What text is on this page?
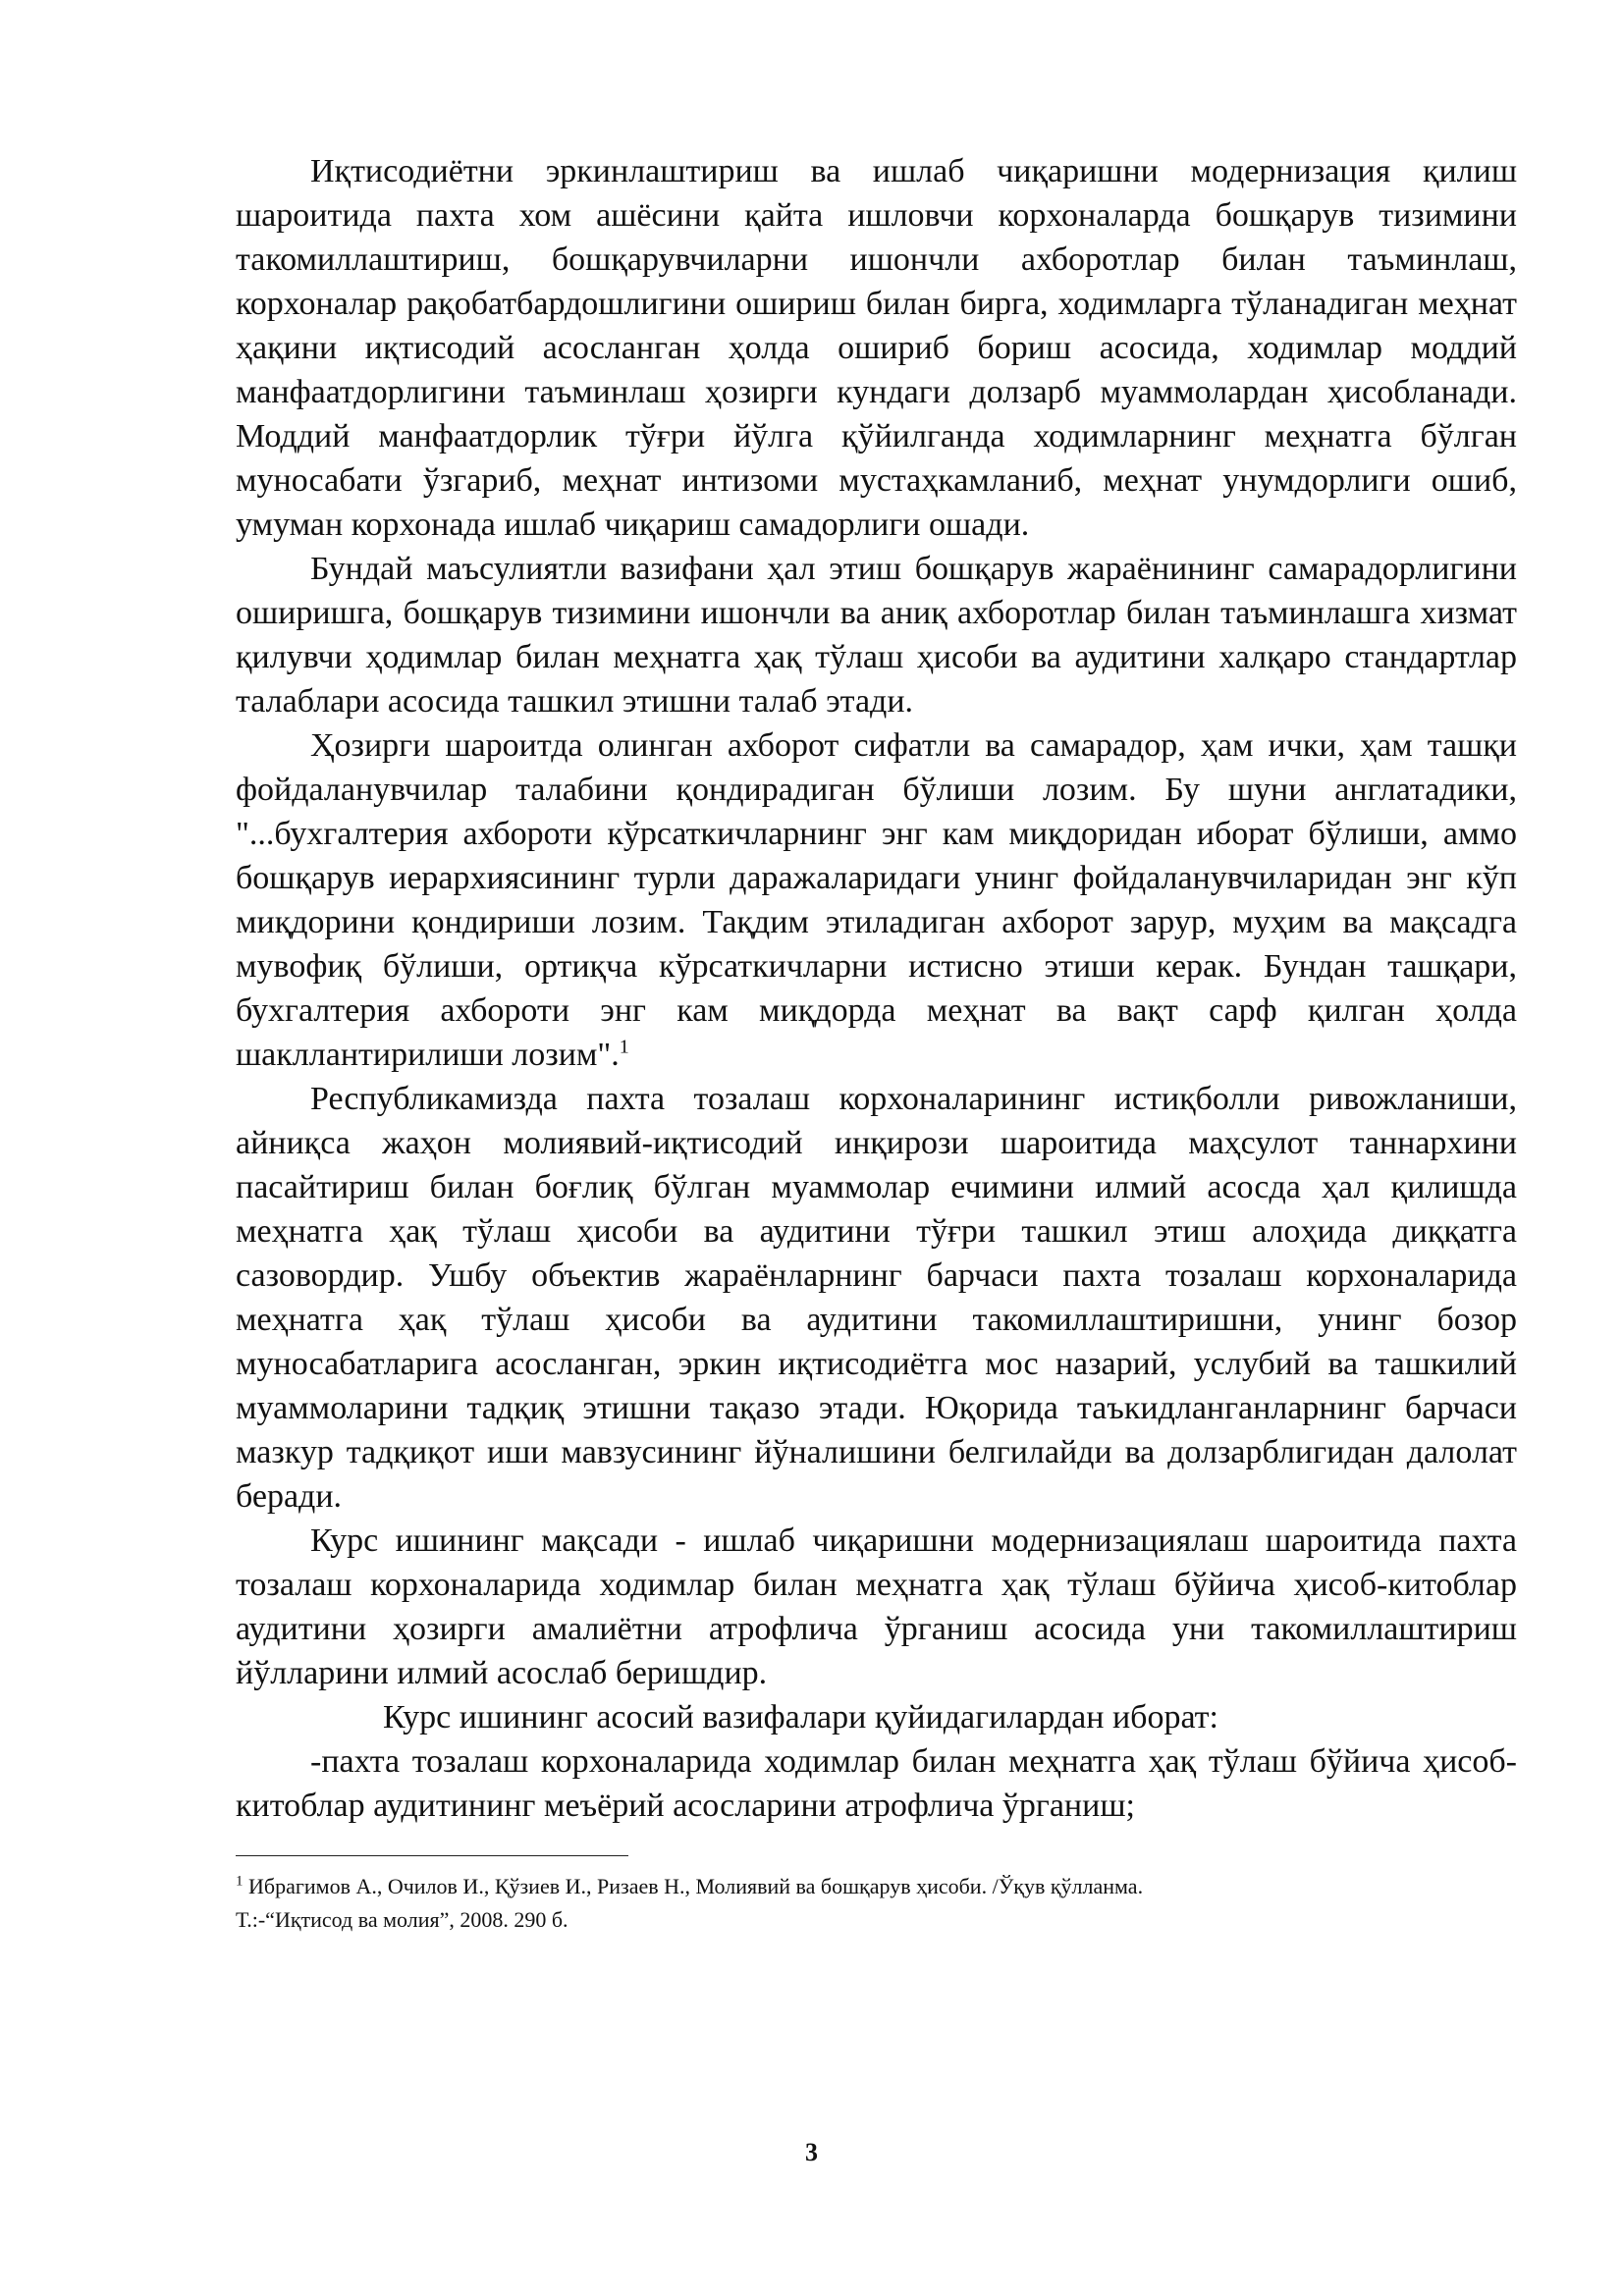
Иқтисодиётни эркинлаштириш ва ишлаб чиқаришни модернизация қилиш шароитида пахта хом ашёсини қайта ишловчи корхоналарда бошқарув тизимини такомиллаштириш, бошқарувчиларни ишончли ахборотлар билан таъминлаш, корхоналар рақобатбардошлигини ошириш билан бирга, ходимларга тўланадиган меҳнат ҳақини иқтисодий асосланган ҳолда ошириб бориш асосида, ходимлар моддий манфаатдорлигини таъминлаш ҳозирги кундаги долзарб муаммолардан ҳисобланади. Моддий манфаатдорлик тўғри йўлга қўйилганда ходимларнинг меҳнатга бўлган муносабати ўзгариб, меҳнат интизоми мустаҳкамланиб, меҳнат унумдорлиги ошиб, умуман корхонада ишлаб чиқариш самадорлиги ошади.

Бундай маъсулиятли вазифани ҳал этиш бошқарув жараёнининг самарадорлигини оширишга, бошқарув тизимини ишончли ва аниқ ахборотлар билан таъминлашга хизмат қилувчи ҳодимлар билан меҳнатга ҳақ тўлаш ҳисоби ва аудитини халқаро стандартлар талаблари асосида ташкил этишни талаб этади.

Ҳозирги шароитда олинган ахборот сифатли ва самарадор, ҳам ички, ҳам ташқи фойдаланувчилар талабини қондирадиган бўлиши лозим. Бу шуни англатадики, "...бухгалтерия ахбороти кўрсаткичларнинг энг кам миқдоридан иборат бўлиши, аммо бошқарув иерархиясининг турли даражаларидаги унинг фойдаланувчиларидан энг кўп миқдорини қондириши лозим. Тақдим этиладиган ахборот зарур, муҳим ва мақсадга мувофиқ бўлиши, ортиқча кўрсаткичларни истисно этиши керак. Бундан ташқари, бухгалтерия ахбороти энг кам миқдорда меҳнат ва вақт сарф қилган ҳолда шакллантирилиши лозим".$^1$

Республикамизда пахта тозалаш корхоналарининг истиқболли ривожланиши, айниқса жаҳон молиявий-иқтисодий инқирози шароитида маҳсулот таннархини пасайтириш билан боғлиқ бўлган муаммолар ечимини илмий асосда ҳал қилишда меҳнатга ҳақ тўлаш ҳисоби ва аудитини тўғри ташкил этиш алоҳида диққатга сазовордир. Ушбу объектив жараёнларнинг барчаси пахта тозалаш корхоналарида меҳнатга ҳақ тўлаш ҳисоби ва аудитини такомиллаштиришни, унинг бозор муносабатларига асосланган, эркин иқтисодиётга мос назарий, услубий ва ташкилий муаммоларини тадқиқ этишни тақазо этади. Юқорида таъкидланганларнинг барчаси мазкур тадқиқот иши мавзусининг йўналишини белгилайди ва долзарблигидан далолат беради.

Курс ишининг мақсади - ишлаб чиқаришни модернизациялаш шароитида пахта тозалаш корхоналарида ходимлар билан меҳнатга ҳақ тўлаш бўйича ҳисоб-китоблар аудитини ҳозирги амалиётни атрофлича ўрганиш асосида уни такомиллаштириш йўлларини илмий асослаб беришдир.

Курс ишининг асосий вазифалари қуйидагилардан иборат:

-пахта тозалаш корхоналарида ходимлар билан меҳнатга ҳақ тўлаш бўйича ҳисоб-китоблар аудитининг меъёрий асосларини атрофлича ўрганиш;

$^1$ Ибрагимов А., Очилов И., Қўзиев И., Ризаев Н., Молиявий ва бошқарув ҳисоби. /Ўқув қўлланма.
Т.:-“Иқтисод ва молия”, 2008. 290 б.

3
